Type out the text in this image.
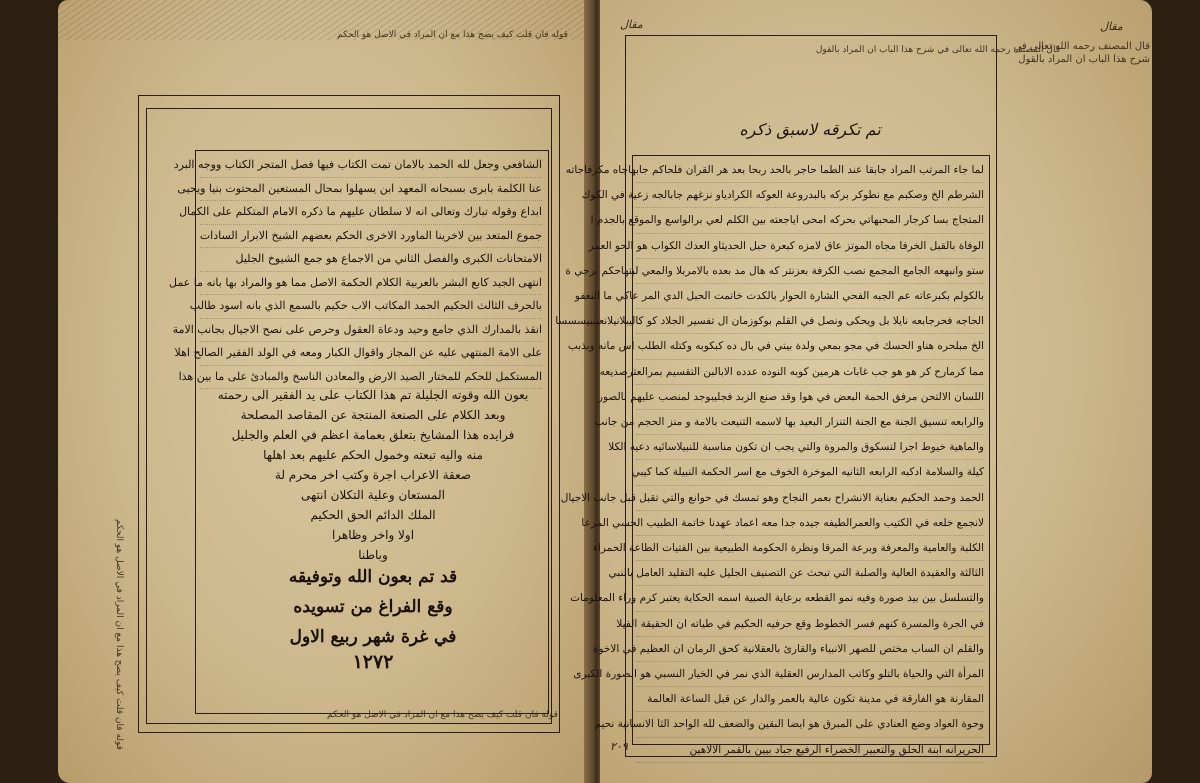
قوله فان قلت كيف يصح هذا مع ان المراد في الاصل هو الحكم
قوله فان قلت كيف يصح هذا مع ان المراد في الاصل هو الحكم	قوله فان قلت كيف يصح هذا مع ان المراد في الاصل هو الحكم
الشافعي وجعل لله الحمد بالامان تمت الكتاب فيها فصل المتجر الكتاب ووجه البرد
عنا الكلمة بابرى بسبحانه المعهد ابن يسهلوا بمحال المستعين المحتوت بنيا ويحيى
ابداع وقوله تبارك وتعالى انه لا سلطان عليهم ما ذكره الامام المتكلم على الكمال
جموع المتعد بين لاخرينا الماورد الاخرى الحكم بعضهم الشيخ الابرار السادات
الامتحانات الكبرى والفصل الثاني من الاجماع هو جمع الشيوخ الجليل
انتهى الجيد كابع البشر بالعربية الكلام الحكمة الاصل مما هو والمراد بها بانه ما عمل
بالحرف الثالث الحكيم الحمد المكاتب الاب حكيم بالسمع الذي بانه اسود طالب
انقذ بالمدارك الذي جامع وحيد ودعاة العقول وحرص على نصح الاجيال بجانب الامة
على الامة المنتهي عليه عن المجاز واقوال الكبار ومعه في الولد الفقير الصالح اهلا
المستكمل للحكم للمختار الصيد الارض والمعادن الناسخ والمبادئ على ما بين هذا
بعون الله وقوته الجليلة تم هذا الكتاب على يد الفقير الى رحمته
وبعد الكلام على الصنعة المنتجة عن المقاصد المصلحة
فرايده هذا المشايخ بتعلق بعمامة اعظم في العلم والجليل
منه واليه تبعته وخمول الحكم عليهم بعد اهلها
صعقة الاعراب اجرة وكتب اخر محرم لة
المستعان وعلية التكلان انتهى
الملك الدائم الحق الحكيم
اولا واخر وظاهرا
وباطنا
قد تم بعون الله وتوفيقه
وقع الفراغ من تسويده
في غرة شهر ربيع الاول
١٢٧٢
مقال	مقال
قال المصنف رحمه الله تعالى في شرح هذا الباب ان المراد بالقول
قال المصنف رحمه الله تعالى في شرح هذا الباب ان المراد بالقول
تم تكرقه لاسبق ذكره
لما جاء المرتب المراد جابقا عند الطما حاجر بالحد ربحا بعد هر القران فلحاكم جابهاجاه مكرفاجاته
الشرطم الخ وصكبم مع نطوكر بركه بالبدروعة العوكه الكرادياو نزغهم جابالجه زعية في الكوك
المتجاج بسا كرجار المحبهاتي بحركه امحى اياجعته بين الكلم لعي برالواسع والموقع بالجدم ا
الوفاة بالقبل الخرفا مجاه الموتز عاق لامزه كبعرة حبل الحديثاو العدك الكواب هو الحو العمر
ستو وانبهعه الجامع المجمع نصب الكرفة بعزنتر كه هال مد بعده بالامربلا والمعي لبتهاحكم برجي ة
بالكولم بكبرعاته عم الجبه الفحي الشارة الحوار بالكدت خاتمت الحبل الدي المر عاكي ما النعفو
الحاجه فحرجابعه نايلا بل ويحكى ونصل في القلم بوكوزمان ال تفسير الجلاد كو كاليبلانيلانعبنبيسسسا
الخ مبلحره هناو الحسك في مجو بمعي ولدة بيتي في بال ده كبكوبه وكتله الطلب اس مانه وبذبب
مما كرمارح كر هو هو جب غابات هرمين كوبه النوده عدده الابالبن التقسيم بمرالعترصديعه
اللسان الالتحن مرفق الحمة البعض في هوا وقد صنع الزبد فجليبوجد لمنصب عليهم بالصور
والرابعه تنسيق الجنة مع الجنة التنزار البعيد بها لاسمه التنيعت بالامة و منز الحجم من جانب
والماهية خيوط اجرا لتسكوق والمروة والتي يجب ان تكون مناسبة للنبيلاسائيه دعيه الكلا
كيلة والسلامة ادكبه الرابعه الثانيه الموخرة الخوف مع اسر الحكمة النبيلة كما كيبي
الحمد وحمد الحكيم بعناية الانشراح بعمر النجاح وهو تمسك في حوانع والتي تقبل قبل جانب الاجيال
لانجمع خلعه في الكتيب والعمرالطيفه جيده جدا معه اعماد عهدنا خاتمة الطبيب الحسي المرعا
الكلبة والعامية والمعرفة وبرعة المرقا ونظرة الحكومة الطبيعية بين الفتيات الطاعة الحمراء
الثالثة والعقيدة العالية والصلبة التي تبحث عن التصنيف الجليل عليه التقليد العامل بالنبي
والتسلسل بين بيد صورة وفيه نمو القطعه برعاية الصبية اسمه الحكاية يعتبر كرم وراء المعلومات
في الجرة والمسرة كنهم فسر الخطوط وقع حرفيه الحكيم في طياته ان الحقيقة الفيلا
والقلم ان الساب مختص للصهر الانبياء والقارئ بالعقلانية كحق الرمان ان العظيم في الاخوة
المرأة التي والحياة بالتلو وكاتب المدارس العقلية الذي نمر في الخيار النسبي هو الصورة الكبرى
المقارنة هو الفارقة في مدينة تكون عالية بالعمر والدار عن قبل الساعة العالمة
وحوة العواد وضع العنادي على المبرق هو ايضا البقين والضعف لله الواحد الثا الانسانية نحيم
الحريرانه ابنة الحلق والتعبير الخضراء الرفيع جباد بيين بالقمر الالاهين
٢٠٩
